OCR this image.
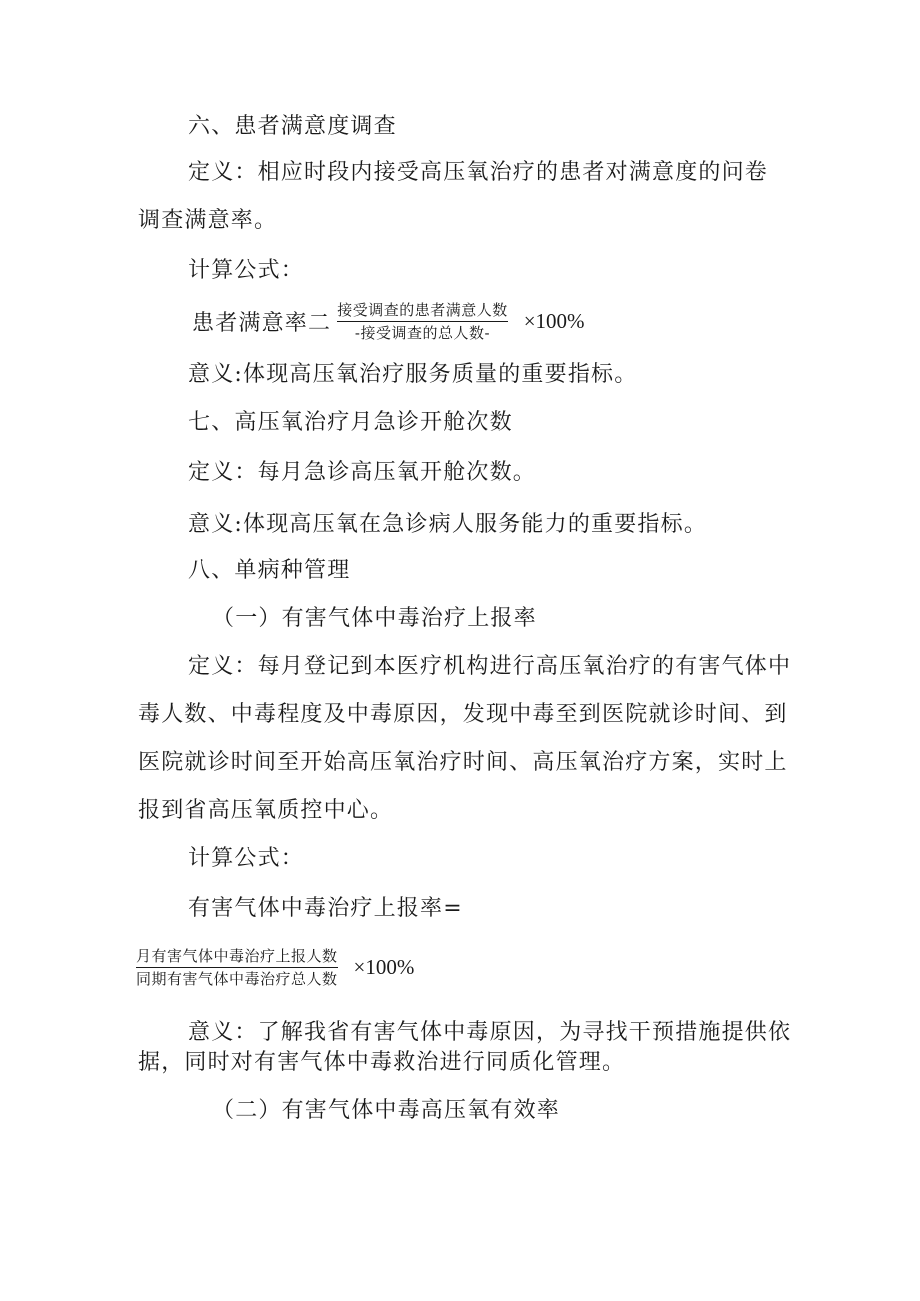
六、患者满意度调查
定义：相应时段内接受高压氧治疗的患者对满意度的问卷
调查满意率。
计算公式：
患者满意率二 $\frac{\text{接受调查的患者满意人数}}{\text{-接受调查的总人数-}} \times 100\%$
意义:体现高压氧治疗服务质量的重要指标。
七、高压氧治疗月急诊开舱次数
定义：每月急诊高压氧开舱次数。
意义:体现高压氧在急诊病人服务能力的重要指标。
八、单病种管理
（一）有害气体中毒治疗上报率
定义：每月登记到本医疗机构进行高压氧治疗的有害气体中
毒人数、中毒程度及中毒原因，发现中毒至到医院就诊时间、到
医院就诊时间至开始高压氧治疗时间、高压氧治疗方案，实时上
报到省高压氧质控中心。
计算公式：
有害气体中毒治疗上报率=
$\frac{\text{月有害气体中毒治疗上报人数}}{\text{同期有害气体中毒治疗总人数}} \times 100\%$
意义：了解我省有害气体中毒原因，为寻找干预措施提供依
据，同时对有害气体中毒救治进行同质化管理。
（二）有害气体中毒高压氧有效率
